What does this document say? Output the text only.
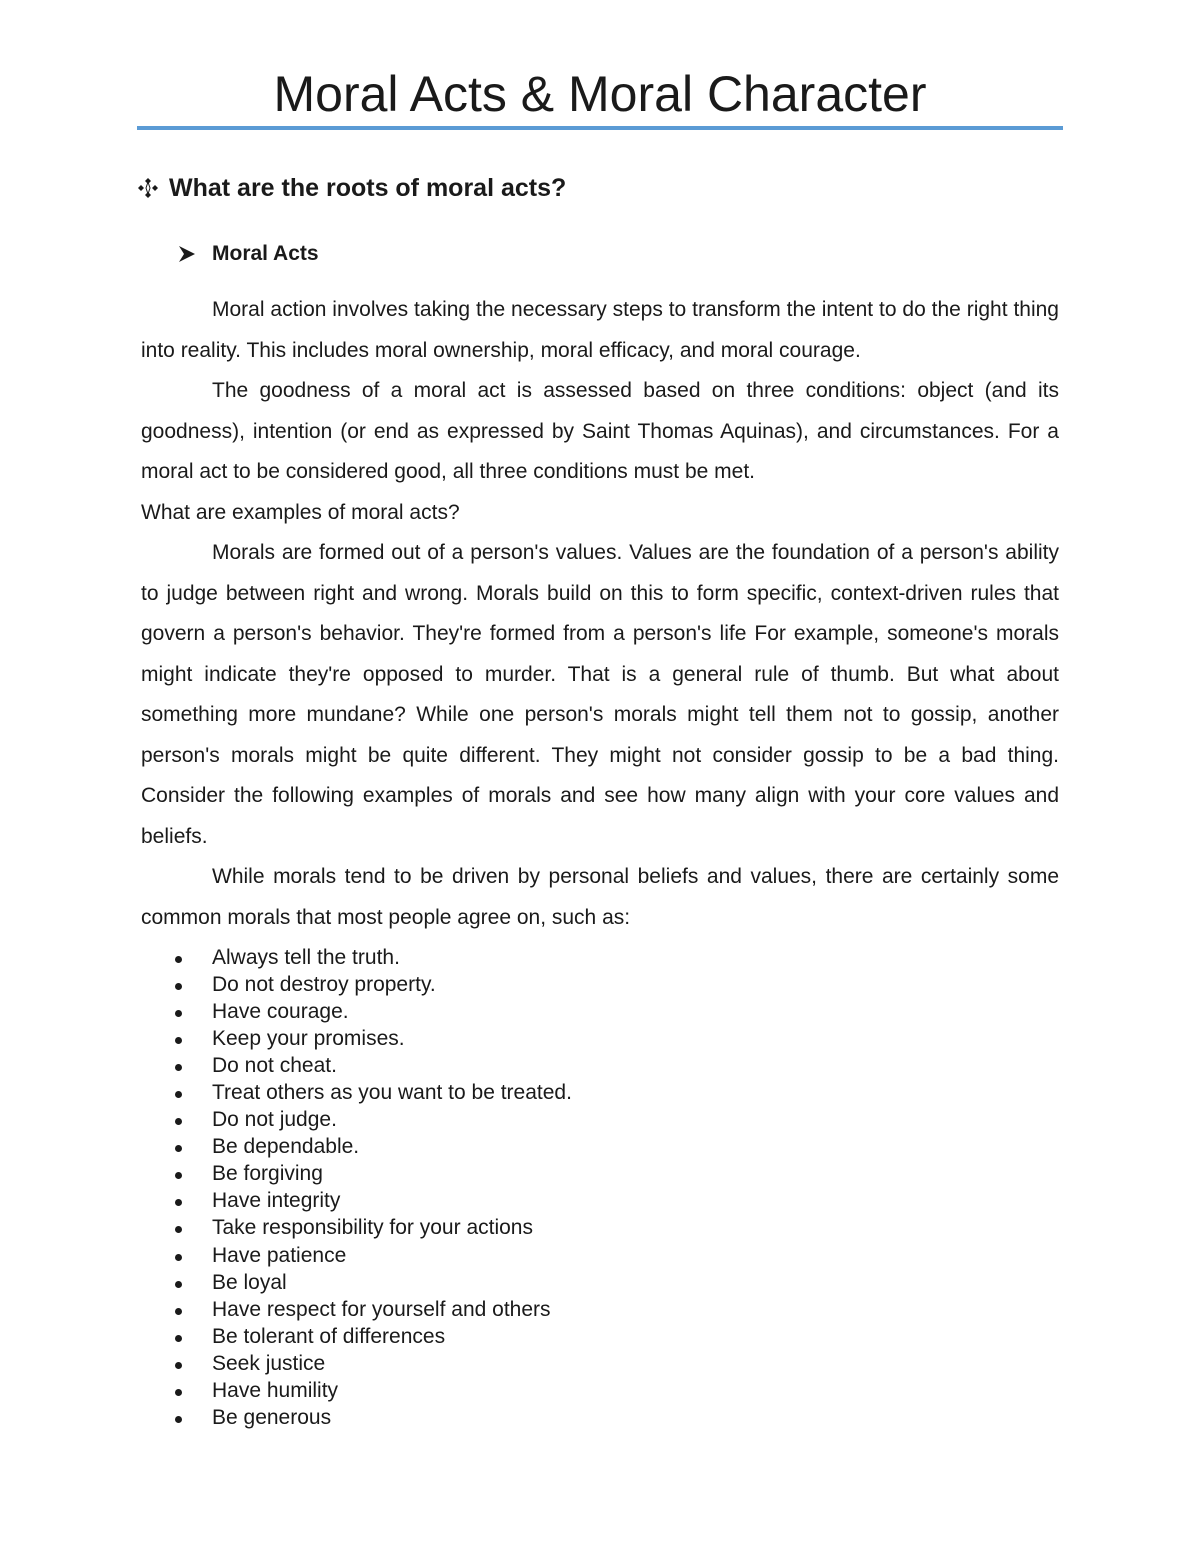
Moral Acts & Moral Character
What are the roots of moral acts?
Moral Acts

Moral action involves taking the necessary steps to transform the intent to do the right thing into reality. This includes moral ownership, moral efficacy, and moral courage.

The goodness of a moral act is assessed based on three conditions: object (and its goodness), intention (or end as expressed by Saint Thomas Aquinas), and circumstances. For a moral act to be considered good, all three conditions must be met.

What are examples of moral acts?

Morals are formed out of a person's values. Values are the foundation of a person's ability to judge between right and wrong. Morals build on this to form specific, context-driven rules that govern a person's behavior. They're formed from a person's life For example, someone's morals might indicate they're opposed to murder. That is a general rule of thumb. But what about something more mundane? While one person's morals might tell them not to gossip, another person's morals might be quite different. They might not consider gossip to be a bad thing. Consider the following examples of morals and see how many align with your core values and beliefs.

While morals tend to be driven by personal beliefs and values, there are certainly some common morals that most people agree on, such as:

Always tell the truth.
Do not destroy property.
Have courage.
Keep your promises.
Do not cheat.
Treat others as you want to be treated.
Do not judge.
Be dependable.
Be forgiving
Have integrity
Take responsibility for your actions
Have patience
Be loyal
Have respect for yourself and others
Be tolerant of differences
Seek justice
Have humility
Be generous
